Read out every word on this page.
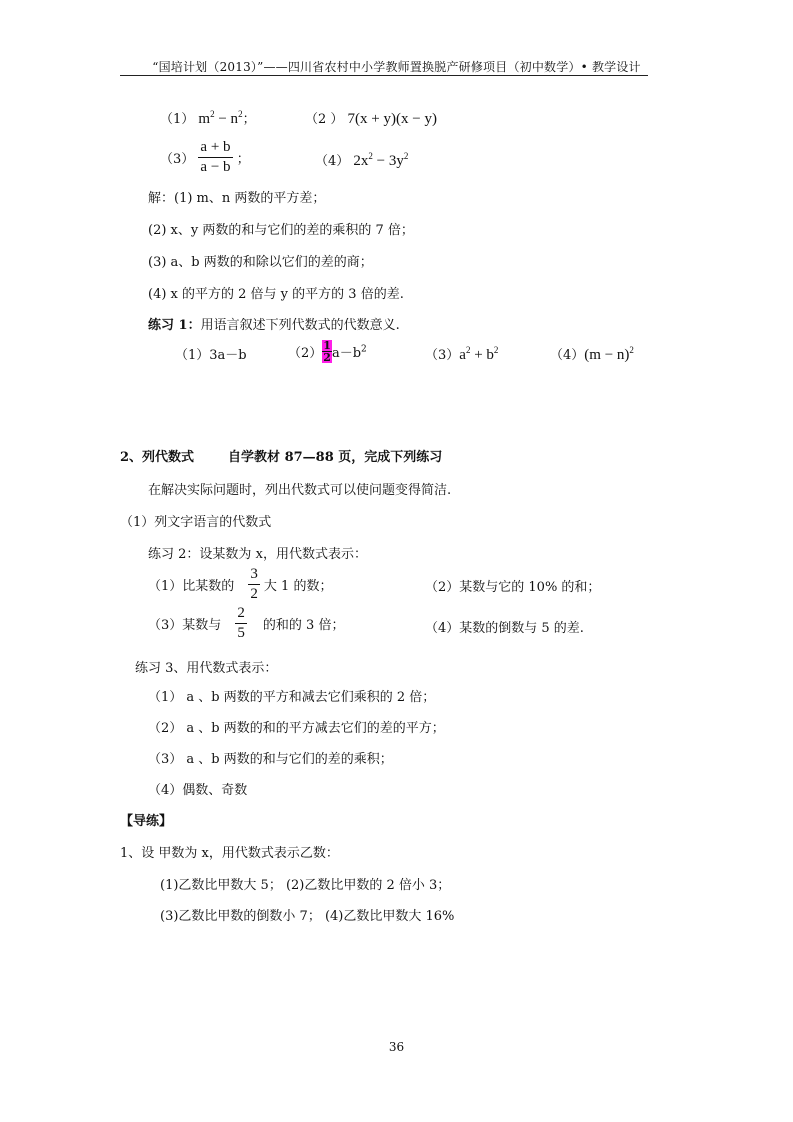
“国培计划（2013）”——四川省农村中小学教师置换脱产研修项目（初中数学）• 教学设计
（1） $m^2 - n^2$；	（2 ） 7(x + y)(x − y)
$(3) \frac{a + b}{a - b}$ ；	（4） $2x^2 - 3y^2$
解：(1) m、n 两数的平方差；
(2) x、y 两数的和与它们的差的乘积的 7 倍；
(3) a、b 两数的和除以它们的差的商；
(4) x 的平方的 2 倍与 y 的平方的 3 倍的差.
练习 1：用语言叙述下列代数式的代数意义.
（1）3a－b	$(2) \frac{1}{2} a-b^2$	$(3)a^2 + b^2$	$(4)(m - n)^2$
2、列代数式	自学教材 87—88 页，完成下列练习
在解决实际问题时，列出代数式可以使问题变得简洁.
（1）列文字语言的代数式
练习 2：设某数为 x，用代数式表示：
（1）比某数的 $\frac{3}{2}$ 大 1 的数；	（2）某数与它的 10% 的和；
（3）某数与 $\frac{2}{5}$ 的和的 3 倍；	（4）某数的倒数与 5 的差.
练习 3、用代数式表示：
（1） a 、b 两数的平方和减去它们乘积的 2 倍；
（2） a 、b 两数的和的平方减去它们的差的平方；
（3） a 、b 两数的和与它们的差的乘积；
（4）偶数、奇数
【导练】
1、设 甲数为 x，用代数式表示乙数：
(1)乙数比甲数大 5； (2)乙数比甲数的 2 倍小 3；
(3)乙数比甲数的倒数小 7； (4)乙数比甲数大 16%
36
